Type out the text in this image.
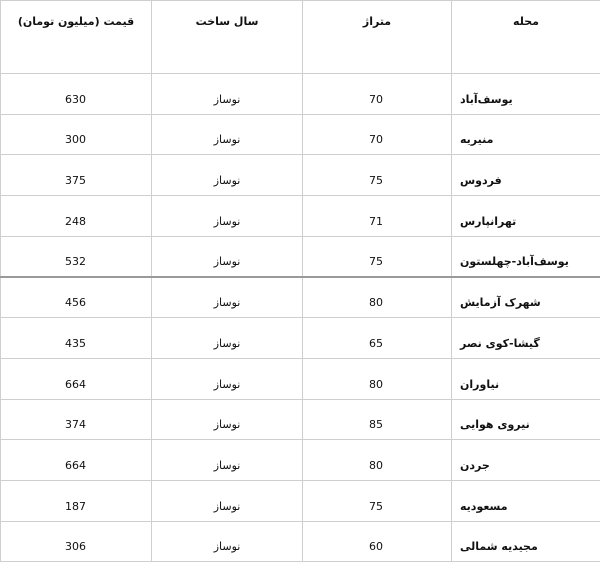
محله	متراژ	سال ساخت	قیمت (میلیون تومان)
یوسف‌آباد	70	نوساز	630
منیریه	70	نوساز	300
فردوس	75	نوساز	375
تهرانپارس	71	نوساز	248
یوسف‌آباد-چهلستون	75	نوساز	532
شهرک آزمایش	80	نوساز	456
گیشا-کوی نصر	65	نوساز	435
نیاوران	80	نوساز	664
نیروی هوایی	85	نوساز	374
جردن	80	نوساز	664
مسعودیه	75	نوساز	187
مجیدیه شمالی	60	نوساز	306
